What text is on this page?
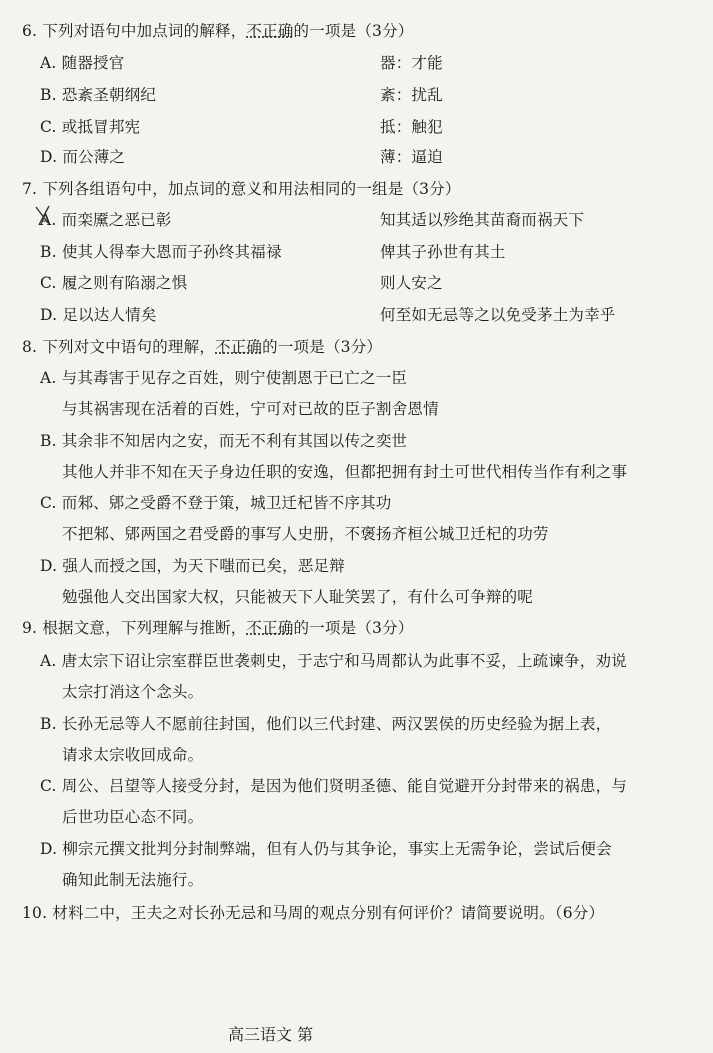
6. 下列对语句中加点词的解释，不正确的一项是（3分）
A. 随器授官	器：才能
B. 恐紊圣朝纲纪	紊：扰乱
C. 或抵冒邦宪	抵：触犯
D. 而公薄之	薄：逼迫
7. 下列各组语句中，加点词的意义和用法相同的一组是（3分）
A. 而栾黡之恶已彰	知其适以殄绝其苗裔而祸天下
B. 使其人得奉大恩而子孙终其福禄	俾其子孙世有其土
C. 履之则有陷溺之惧	则人安之
D. 足以达人情矣	何至如无忌等之以免受茅土为幸乎
8. 下列对文中语句的理解，不正确的一项是（3分）
A. 与其毒害于见存之百姓，则宁使割恩于已亡之一臣
与其祸害现在活着的百姓，宁可对已故的臣子割舍恩情
B. 其余非不知居内之安，而无不利有其国以传之奕世
其他人并非不知在天子身边任职的安逸，但都把拥有封土可世代相传当作有利之事
C. 而邾、郳之受爵不登于策，城卫迁杞皆不序其功
不把邾、郳两国之君受爵的事写人史册，不褒扬齐桓公城卫迁杞的功劳
D. 强人而授之国，为天下嗤而已矣，恶足辩
勉强他人交出国家大权，只能被天下人耻笑罢了，有什么可争辩的呢
9. 根据文意，下列理解与推断，不正确的一项是（3分）
A. 唐太宗下诏让宗室群臣世袭刺史，于志宁和马周都认为此事不妥，上疏谏争，劝说
太宗打消这个念头。
B. 长孙无忌等人不愿前往封国，他们以三代封建、两汉罢侯的历史经验为据上表，
请求太宗收回成命。
C. 周公、吕望等人接受分封，是因为他们贤明圣德、能自觉避开分封带来的祸患，与
后世功臣心态不同。
D. 柳宗元撰文批判分封制弊端，但有人仍与其争论，事实上无需争论，尝试后便会
确知此制无法施行。
10. 材料二中，王夫之对长孙无忌和马周的观点分别有何评价？请简要说明。（6分）
高三语文 第
